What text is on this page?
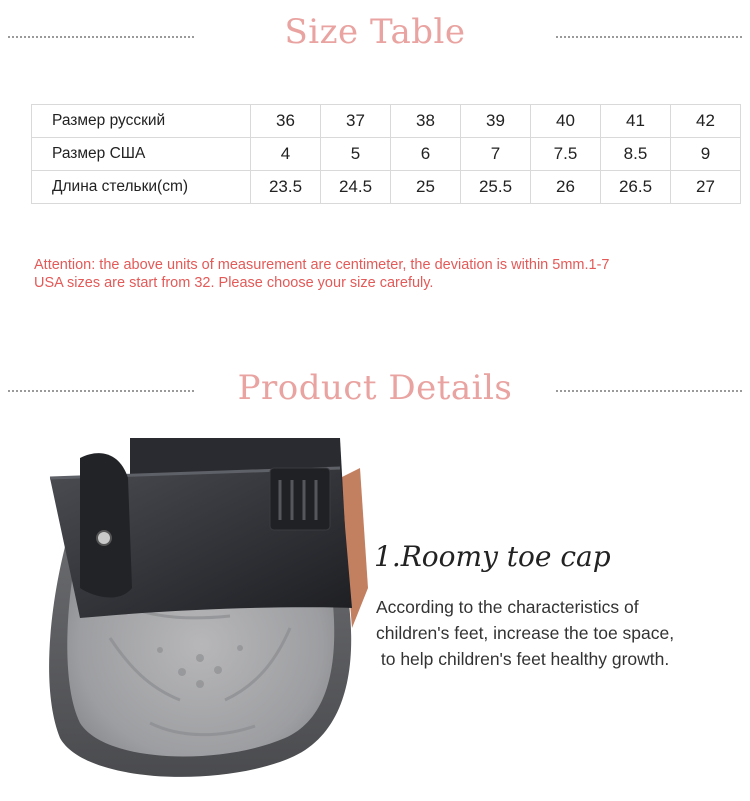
Size Table
Размер русский	36	37	38	39	40	41	42
Размер США	4	5	6	7	7.5	8.5	9
Длина стельки(cm)	23.5	24.5	25	25.5	26	26.5	27
Attention: the above units of measurement are centimeter, the deviation is within 5mm.1-7
USA sizes are start from 32. Please choose your size carefuly.
Product Details
1.Roomy toe cap
According to the characteristics of
children's feet, increase the toe space,
to help children's feet healthy growth.
